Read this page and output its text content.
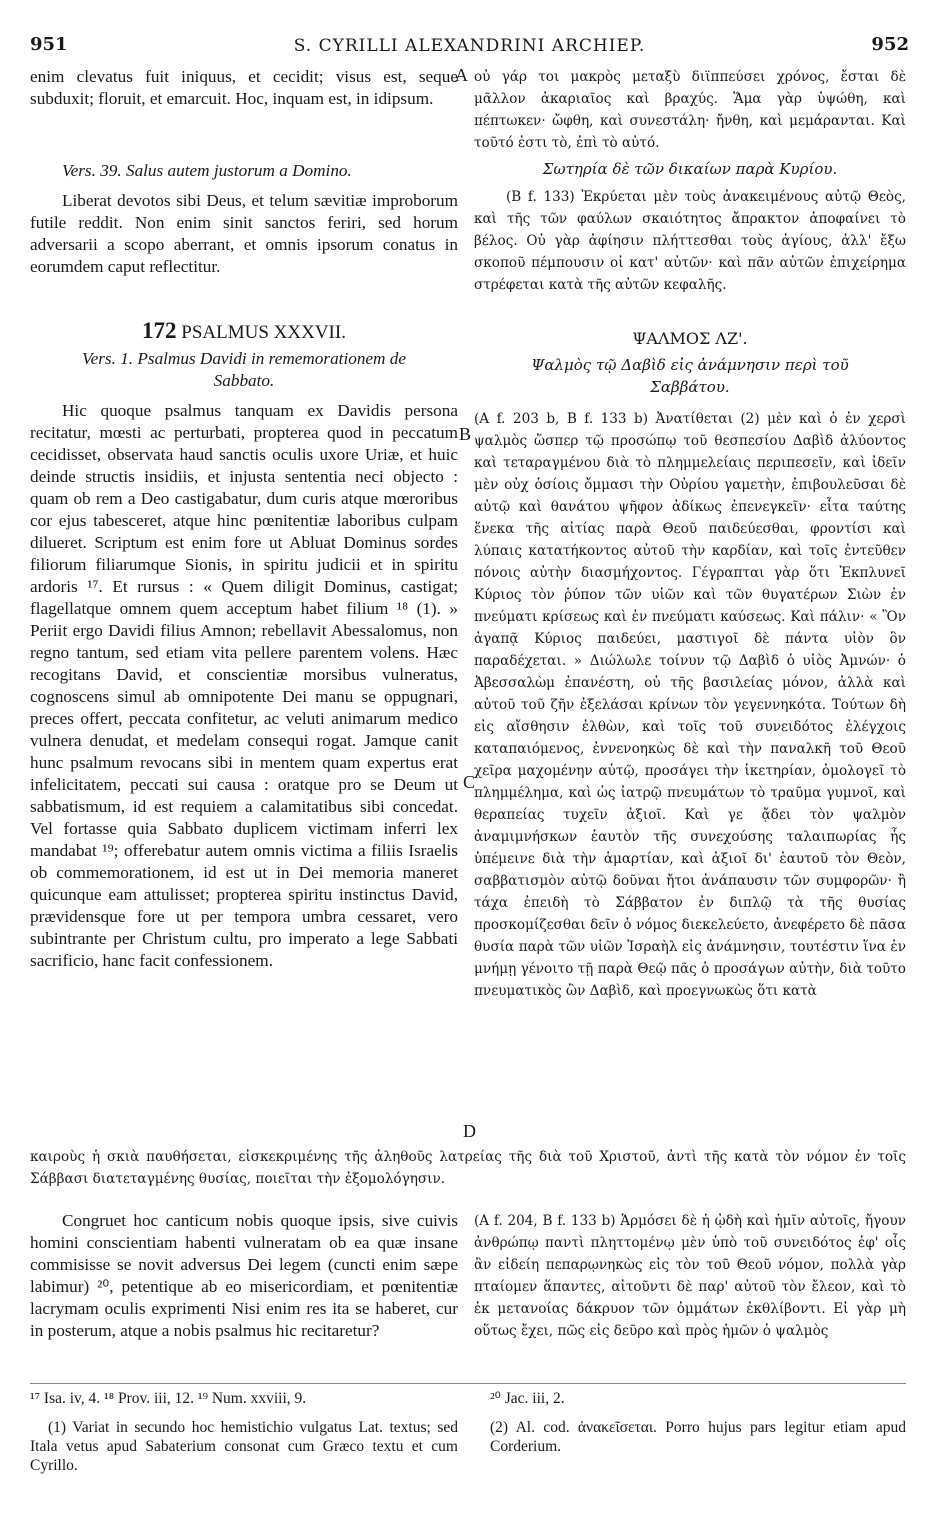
951	S. CYRILLI ALEXANDRINI ARCHIEP.	952
A
B
C
D

enim clevatus fuit iniquus, et cecidit; visus est, seque subduxit; floruit, et emarcuit. Hoc, inquam est, in idipsum.

Vers. 39. Salus autem justorum a Domino.

Liberat devotos sibi Deus, et telum sævitiæ improborum futile reddit. Non enim sinit sanctos feriri, sed horum adversarii a scopo aberrant, et omnis ipsorum conatus in eorumdem caput reflectitur.

172 PSALMUS XXXVII.

Vers. 1. Psalmus Davidi in rememorationem de Sabbato.

Hic quoque psalmus tanquam ex Davidis persona recitatur, mœsti ac perturbati, propterea quod in peccatum cecidisset, observata haud sanctis oculis uxore Uriæ, et huic deinde structis insidiis, et injusta sententia neci objecto : quam ob rem a Deo castigabatur, dum curis atque mœroribus cor ejus tabesceret, atque hinc pœnitentiæ laboribus culpam dilueret. Scriptum est enim fore ut Abluat Dominus sordes filiorum filiarumque Sionis, in spiritu judicii et in spiritu ardoris ¹⁷. Et rursus : « Quem diligit Dominus, castigat; flagellatque omnem quem acceptum habet filium ¹⁸ (1). » Periit ergo Davidi filius Amnon; rebellavit Abessalomus, non regno tantum, sed etiam vita pellere parentem volens. Hæc recogitans David, et conscientiæ morsibus vulneratus, cognoscens simul ab omnipotente Dei manu se oppugnari, preces offert, peccata confitetur, ac veluti animarum medico vulnera denudat, et medelam consequi rogat. Jamque canit hunc psalmum revocans sibi in mentem quam expertus erat infelicitatem, peccati sui causa : oratque pro se Deum ut sabbatismum, id est requiem a calamitatibus sibi concedat. Vel fortasse quia Sabbato duplicem victimam inferri lex mandabat ¹⁹; offerebatur autem omnis victima a filiis Israelis ob commemorationem, id est ut in Dei memoria maneret quicunque eam attulisset; propterea spiritu instinctus David, prævidensque fore ut per tempora umbra cessaret, vero subintrante per Christum cultu, pro imperato a lege Sabbati sacrificio, hanc facit confessionem.

οὐ γάρ τοι μακρὸς μεταξὺ διϊππεύσει χρόνος, ἔσται δὲ μᾶλλον ἀκαριαῖος καὶ βραχύς. Ἅμα γὰρ ὑψώθη, καὶ πέπτωκεν· ὤφθη, καὶ συνεστάλη· ἤνθη, καὶ μεμάρανται. Καὶ τοῦτό ἐστι τὸ, ἐπὶ τὸ αὐτό.

Σωτηρία δὲ τῶν δικαίων παρὰ Κυρίου.

(B f. 133) Ἐκρύεται μὲν τοὺς ἀνακειμένους αὐτῷ Θεὸς, καὶ τῆς τῶν φαύλων σκαιότητος ἄπρακτον ἀποφαίνει τὸ βέλος. Οὐ γὰρ ἀφίησιν πλήττεσθαι τοὺς ἁγίους, ἀλλ' ἔξω σκοποῦ πέμπουσιν οἱ κατ' αὐτῶν· καὶ πᾶν αὐτῶν ἐπιχείρημα στρέφεται κατὰ τῆς αὐτῶν κεφαλῆς.

ΨΑΛΜΟΣ ΛΖ'.

Ψαλμὸς τῷ Δαβὶδ εἰς ἀνάμνησιν περὶ τοῦ Σαββάτου.

(A f. 203 b, B f. 133 b) Ἀνατίθεται (2) μὲν καὶ ὁ ἐν χερσὶ ψαλμὸς ὥσπερ τῷ προσώπῳ τοῦ θεσπεσίου Δαβὶδ ἀλύοντος καὶ τεταραγμένου διὰ τὸ πλημμελείαις περιπεσεῖν, καὶ ἰδεῖν μὲν οὐχ ὁσίοις ὄμμασι τὴν Οὐρίου γαμετὴν, ἐπιβουλεῦσαι δὲ αὐτῷ καὶ θανάτου ψῆφον ἀδίκως ἐπενεγκεῖν· εἶτα ταύτης ἕνεκα τῆς αἰτίας παρὰ Θεοῦ παιδεύεσθαι, φροντίσι καὶ λύπαις κατατήκοντος αὐτοῦ τὴν καρδίαν, καὶ τοῖς ἐντεῦθεν πόνοις αὐτὴν διασμήχοντος. Γέγραπται γὰρ ὅτι Ἐκπλυνεῖ Κύριος τὸν ῥύπον τῶν υἱῶν καὶ τῶν θυγατέρων Σιὼν ἐν πνεύματι κρίσεως καὶ ἐν πνεύματι καύσεως. Καὶ πάλιν· « Ὃν ἀγαπᾷ Κύριος παιδεύει, μαστιγοῖ δὲ πάντα υἱὸν ὃν παραδέχεται. » Διώλωλε τοίνυν τῷ Δαβὶδ ὁ υἱὸς Ἀμνών· ὁ Ἀβεσσαλὼμ ἐπανέστη, οὐ τῆς βασιλείας μόνον, ἀλλὰ καὶ αὐτοῦ τοῦ ζῆν ἐξελάσαι κρίνων τὸν γεγεννηκότα. Τούτων δὴ εἰς αἴσθησιν ἐλθὼν, καὶ τοῖς τοῦ συνειδότος ἐλέγχοις καταπαιόμενος, ἐννενοηκὼς δὲ καὶ τὴν παναλκῆ τοῦ Θεοῦ χεῖρα μαχομένην αὐτῷ, προσάγει τὴν ἱκετηρίαν, ὁμολογεῖ τὸ πλημμέλημα, καὶ ὡς ἰατρῷ πνευμάτων τὸ τραῦμα γυμνοῖ, καὶ θεραπείας τυχεῖν ἀξιοῖ. Καὶ γε ᾄδει τὸν ψαλμὸν ἀναμιμνήσκων ἑαυτὸν τῆς συνεχούσης ταλαιπωρίας ἧς ὑπέμεινε διὰ τὴν ἁμαρτίαν, καὶ ἀξιοῖ δι' ἑαυτοῦ τὸν Θεὸν, σαββατισμὸν αὐτῷ δοῦναι ἤτοι ἀνάπαυσιν τῶν συμφορῶν· ἢ τάχα ἐπειδὴ τὸ Σάββατον ἐν διπλῷ τὰ τῆς θυσίας προσκομίζεσθαι δεῖν ὁ νόμος διεκελεύετο, ἀνεφέρετο δὲ πᾶσα θυσία παρὰ τῶν υἱῶν Ἰσραὴλ εἰς ἀνάμνησιν, τουτέστιν ἵνα ἐν μνήμῃ γένοιτο τῇ παρὰ Θεῷ πᾶς ὁ προσάγων αὐτὴν, διὰ τοῦτο πνευματικὸς ὢν Δαβὶδ, καὶ προεγνωκὼς ὅτι κατὰ

καιροὺς ἡ σκιὰ παυθήσεται, εἰσκεκριμένης τῆς ἀληθοῦς λατρείας τῆς διὰ τοῦ Χριστοῦ, ἀντὶ τῆς κατὰ τὸν νόμον ἐν τοῖς Σάββασι διατεταγμένης θυσίας, ποιεῖται τὴν ἐξομολόγησιν.

Congruet hoc canticum nobis quoque ipsis, sive cuivis homini conscientiam habenti vulneratam ob ea quæ insane commisisse se novit adversus Dei legem (cuncti enim sæpe labimur) ²⁰, petentique ab eo misericordiam, et pœnitentiæ lacrymam oculis exprimenti Nisi enim res ita se haberet, cur in posterum, atque a nobis psalmus hic recitaretur?

(A f. 204, B f. 133 b) Ἁρμόσει δὲ ἡ ᾠδὴ καὶ ἡμῖν αὐτοῖς, ἤγουν ἀνθρώπῳ παντὶ πληττομένῳ μὲν ὑπὸ τοῦ συνειδότος ἐφ' οἷς ἂν εἰδείη πεπαρῳνηκὼς εἰς τὸν τοῦ Θεοῦ νόμον, πολλὰ γὰρ πταίομεν ἅπαντες, αἰτοῦντι δὲ παρ' αὐτοῦ τὸν ἔλεον, καὶ τὸ ἐκ μετανοίας δάκρυον τῶν ὀμμάτων ἐκθλίβοντι. Εἰ γὰρ μὴ οὕτως ἔχει, πῶς εἰς δεῦρο καὶ πρὸς ἡμῶν ὁ ψαλμὸς

¹⁷ Isa. iv, 4. ¹⁸ Prov. iii, 12. ¹⁹ Num. xxviii, 9.

(1) Variat in secundo hoc hemistichio vulgatus Lat. textus; sed Itala vetus apud Sabaterium consonat cum Græco textu et cum Cyrillo.

²⁰ Jac. iii, 2.

(2) Al. cod. ἀνακεῖσεται. Porro hujus pars legitur etiam apud Corderium.
